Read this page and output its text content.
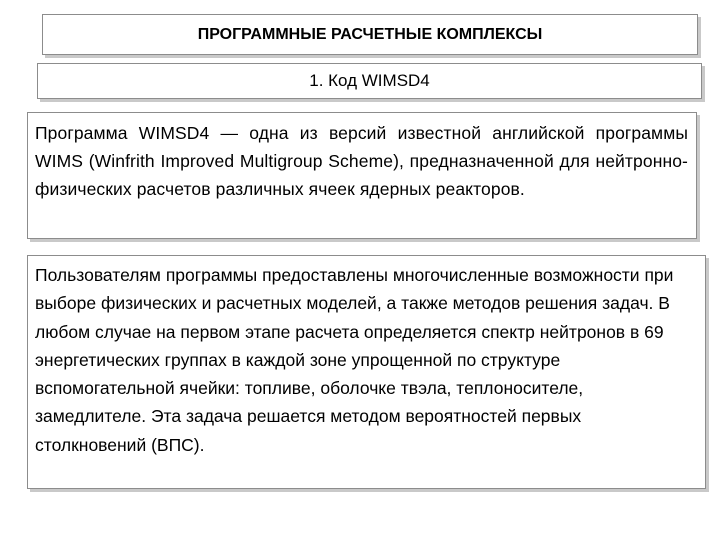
ПРОГРАММНЫЕ РАСЧЕТНЫЕ КОМПЛЕКСЫ
1. Код WIMSD4

Программа WIMSD4 — одна из версий известной английской программы WIMS (Winfrith Improved Multigroup Scheme), предназначенной для нейтронно-физических расчетов различных ячеек ядерных реакторов.

Пользователям программы предоставлены многочисленные возможности при выборе физических и расчетных моделей, а также методов решения задач. В любом случае на первом этапе расчета определяется спектр нейтронов в 69 энергетических группах в каждой зоне упрощенной по структуре вспомогательной ячейки: топливе, оболочке твэла, теплоносителе, замедлителе. Эта задача решается методом вероятностей первых столкновений (ВПС).
